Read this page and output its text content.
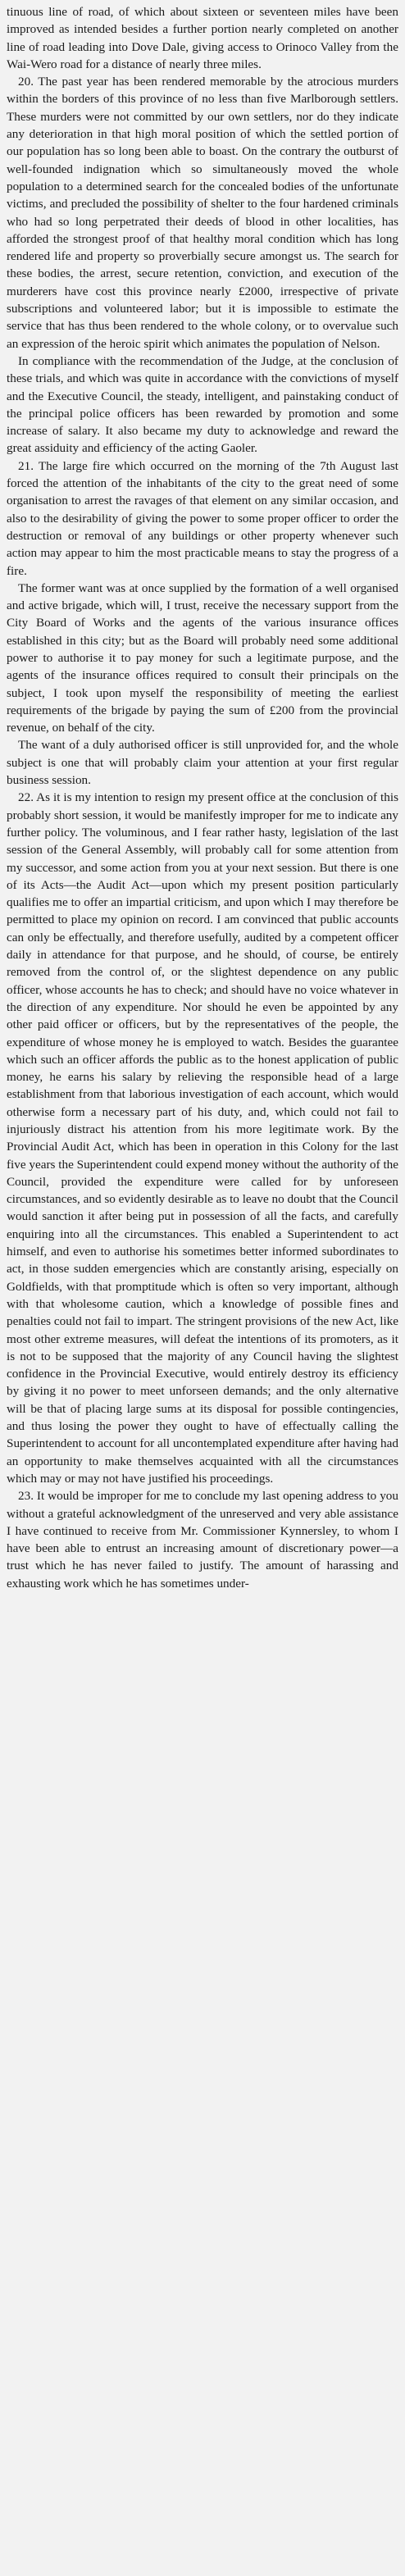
tinuous line of road, of which about sixteen or seventeen miles have been improved as intended besides a further portion nearly completed on another line of road leading into Dove Dale, giving access to Orinoco Valley from the Wai-Wero road for a distance of nearly three miles.

20. The past year has been rendered memorable by the atrocious murders within the borders of this province of no less than five Marlborough settlers. These murders were not committed by our own settlers, nor do they indicate any deterioration in that high moral position of which the settled portion of our population has so long been able to boast. On the contrary the outburst of well-founded indignation which so simultaneously moved the whole population to a determined search for the concealed bodies of the unfortunate victims, and precluded the possibility of shelter to the four hardened criminals who had so long perpetrated their deeds of blood in other localities, has afforded the strongest proof of that healthy moral condition which has long rendered life and property so proverbially secure amongst us. The search for these bodies, the arrest, secure retention, conviction, and execution of the murderers have cost this province nearly £2000, irrespective of private subscriptions and volunteered labor; but it is impossible to estimate the service that has thus been rendered to the whole colony, or to overvalue such an expression of the heroic spirit which animates the population of Nelson.

In compliance with the recommendation of the Judge, at the conclusion of these trials, and which was quite in accordance with the convictions of myself and the Executive Council, the steady, intelligent, and painstaking conduct of the principal police officers has been rewarded by promotion and some increase of salary. It also became my duty to acknowledge and reward the great assiduity and efficiency of the acting Gaoler.

21. The large fire which occurred on the morning of the 7th August last forced the attention of the inhabitants of the city to the great need of some organisation to arrest the ravages of that element on any similar occasion, and also to the desirability of giving the power to some proper officer to order the destruction or removal of any buildings or other property whenever such action may appear to him the most practicable means to stay the progress of a fire.

The former want was at once supplied by the formation of a well organised and active brigade, which will, I trust, receive the necessary support from the City Board of Works and the agents of the various insurance offices established in this city; but as the Board will probably need some additional power to authorise it to pay money for such a legitimate purpose, and the agents of the insurance offices required to consult their principals on the subject, I took upon myself the responsibility of meeting the earliest requirements of the brigade by paying the sum of £200 from the provincial revenue, on behalf of the city.

The want of a duly authorised officer is still unprovided for, and the whole subject is one that will probably claim your attention at your first regular business session.

22. As it is my intention to resign my present office at the conclusion of this probably short session, it would be manifestly improper for me to indicate any further policy. The voluminous, and I fear rather hasty, legislation of the last session of the General Assembly, will probably call for some attention from my successor, and some action from you at your next session. But there is one of its Acts—the Audit Act—upon which my present position particularly qualifies me to offer an impartial criticism, and upon which I may therefore be permitted to place my opinion on record. I am convinced that public accounts can only be effectually, and therefore usefully, audited by a competent officer daily in attendance for that purpose, and he should, of course, be entirely removed from the control of, or the slightest dependence on any public officer, whose accounts he has to check; and should have no voice whatever in the direction of any expenditure. Nor should he even be appointed by any other paid officer or officers, but by the representatives of the people, the expenditure of whose money he is employed to watch. Besides the guarantee which such an officer affords the public as to the honest application of public money, he earns his salary by relieving the responsible head of a large establishment from that laborious investigation of each account, which would otherwise form a necessary part of his duty, and, which could not fail to injuriously distract his attention from his more legitimate work. By the Provincial Audit Act, which has been in operation in this Colony for the last five years the Superintendent could expend money without the authority of the Council, provided the expenditure were called for by unforeseen circumstances, and so evidently desirable as to leave no doubt that the Council would sanction it after being put in possession of all the facts, and carefully enquiring into all the circumstances. This enabled a Superintendent to act himself, and even to authorise his sometimes better informed subordinates to act, in those sudden emergencies which are constantly arising, especially on Goldfields, with that promptitude which is often so very important, although with that wholesome caution, which a knowledge of possible fines and penalties could not fail to impart. The stringent provisions of the new Act, like most other extreme measures, will defeat the intentions of its promoters, as it is not to be supposed that the majority of any Council having the slightest confidence in the Provincial Executive, would entirely destroy its efficiency by giving it no power to meet unforseen demands; and the only alternative will be that of placing large sums at its disposal for possible contingencies, and thus losing the power they ought to have of effectually calling the Superintendent to account for all uncontemplated expenditure after having had an opportunity to make themselves acquainted with all the circumstances which may or may not have justified his proceedings.

23. It would be improper for me to conclude my last opening address to you without a grateful acknowledgment of the unreserved and very able assistance I have continued to receive from Mr. Commissioner Kynnersley, to whom I have been able to entrust an increasing amount of discretionary power—a trust which he has never failed to justify. The amount of harassing and exhausting work which he has sometimes under-
